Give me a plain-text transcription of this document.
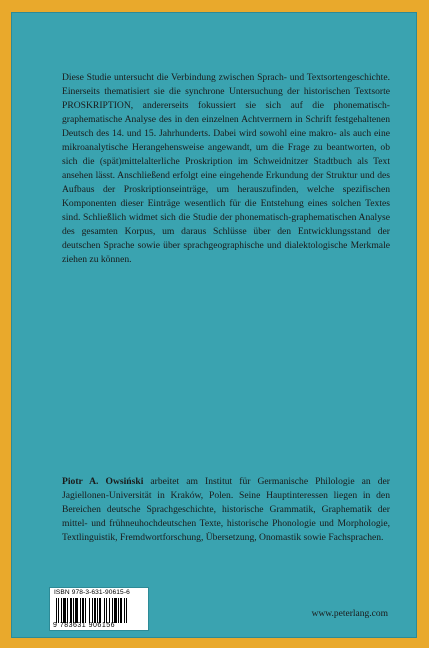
Diese Studie untersucht die Verbindung zwischen Sprach- und Textsortengeschichte. Einerseits thematisiert sie die synchrone Untersuchung der historischen Textsorte PROSKRIPTION, andererseits fokussiert sie sich auf die phonematisch-graphematische Analyse des in den einzelnen Achtverrnern in Schrift festgehaltenen Deutsch des 14. und 15. Jahrhunderts. Dabei wird sowohl eine makro- als auch eine mikroanalytische Herangehensweise angewandt, um die Frage zu beantworten, ob sich die (spät)mittelalterliche Proskription im Schweidnitzer Stadtbuch als Text ansehen lässt. Anschließend erfolgt eine eingehende Erkundung der Struktur und des Aufbaus der Proskriptionseinträge, um herauszufinden, welche spezifischen Komponenten dieser Einträge wesentlich für die Entstehung eines solchen Textes sind. Schließlich widmet sich die Studie der phonematisch-graphematischen Analyse des gesamten Korpus, um daraus Schlüsse über den Entwicklungsstand der deutschen Sprache sowie über sprachgeographische und dialektologische Merkmale ziehen zu können.

Piotr A. Owsiński arbeitet am Institut für Germanische Philologie an der Jagiellonen-Universität in Kraków, Polen. Seine Hauptinteressen liegen in den Bereichen deutsche Sprachgeschichte, historische Grammatik, Graphematik der mittel- und frühneuhochdeutschen Texte, historische Phonologie und Morphologie, Textlinguistik, Fremdwortforschung, Übersetzung, Onomastik sowie Fachsprachen.

ISBN 978-3-631-90615-6
9 783631 906156
www.peterlang.com
